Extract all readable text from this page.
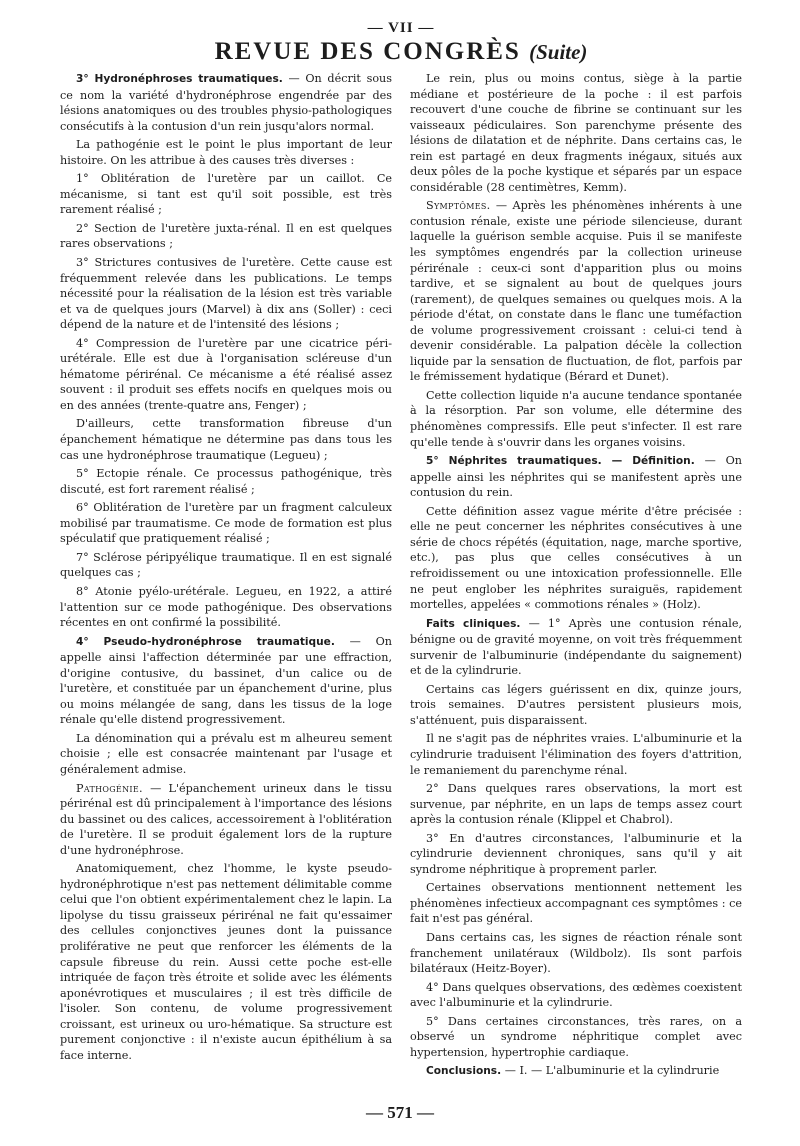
— VII —
REVUE DES CONGRÈS (Suite)

3° Hydronéphroses traumatiques. — On décrit sous ce nom la variété d'hydronéphrose engendrée par des lésions anatomiques ou des troubles physio-pathologiques consécutifs à la contusion d'un rein jusqu'alors normal.

La pathogénie est le point le plus important de leur histoire. On les attribue à des causes très diverses :

1° Oblitération de l'uretère par un caillot. Ce mécanisme, si tant est qu'il soit possible, est très rarement réalisé ;

2° Section de l'uretère juxta-rénal. Il en est quelques rares observations ;

3° Strictures contusives de l'uretère. Cette cause est fréquemment relevée dans les publications. Le temps nécessité pour la réalisation de la lésion est très variable et va de quelques jours (Marvel) à dix ans (Soller) : ceci dépend de la nature et de l'intensité des lésions ;

4° Compression de l'uretère par une cicatrice péri-urétérale. Elle est due à l'organisation scléreuse d'un hématome périrénal. Ce mécanisme a été réalisé assez souvent : il produit ses effets nocifs en quelques mois ou en des années (trente-quatre ans, Fenger) ;

D'ailleurs, cette transformation fibreuse d'un épanchement hématique ne détermine pas dans tous les cas une hydronéphrose traumatique (Legueu) ;

5° Ectopie rénale. Ce processus pathogénique, très discuté, est fort rarement réalisé ;

6° Oblitération de l'uretère par un fragment calculeux mobilisé par traumatisme. Ce mode de formation est plus spéculatif que pratiquement réalisé ;

7° Sclérose péripyélique traumatique. Il en est signalé quelques cas ;

8° Atonie pyélo-urétérale. Legueu, en 1922, a attiré l'attention sur ce mode pathogénique. Des observations récentes en ont confirmé la possibilité.

4° Pseudo-hydronéphrose traumatique. — On appelle ainsi l'affection déterminée par une effraction, d'origine contusive, du bassinet, d'un calice ou de l'uretère, et constituée par un épanchement d'urine, plus ou moins mélangée de sang, dans les tissus de la loge rénale qu'elle distend progressivement.

La dénomination qui a prévalu est m alheureu sement choisie ; elle est consacrée maintenant par l'usage et généralement admise.

Pathogénie. — L'épanchement urineux dans le tissu périrénal est dû principalement à l'importance des lésions du bassinet ou des calices, accessoirement à l'oblitération de l'uretère. Il se produit également lors de la rupture d'une hydronéphrose.

Anatomiquement, chez l'homme, le kyste pseudo-hydronéphrotique n'est pas nettement délimitable comme celui que l'on obtient expérimentalement chez le lapin. La lipolyse du tissu graisseux périrénal ne fait qu'essaimer des cellules conjonctives jeunes dont la puissance proliférative ne peut que renforcer les éléments de la capsule fibreuse du rein. Aussi cette poche est-elle intriquée de façon très étroite et solide avec les éléments aponévrotiques et musculaires ; il est très difficile de l'isoler. Son contenu, de volume progressivement croissant, est urineux ou uro-hématique. Sa structure est purement conjonctive : il n'existe aucun épithélium à sa face interne.

Le rein, plus ou moins contus, siège à la partie médiane et postérieure de la poche : il est parfois recouvert d'une couche de fibrine se continuant sur les vaisseaux pédiculaires. Son parenchyme présente des lésions de dilatation et de néphrite. Dans certains cas, le rein est partagé en deux fragments inégaux, situés aux deux pôles de la poche kystique et séparés par un espace considérable (28 centimètres, Kemm).

Symptômes. — Après les phénomènes inhérents à une contusion rénale, existe une période silencieuse, durant laquelle la guérison semble acquise. Puis il se manifeste les symptômes engendrés par la collection urineuse périrénale : ceux-ci sont d'apparition plus ou moins tardive, et se signalent au bout de quelques jours (rarement), de quelques semaines ou quelques mois. A la période d'état, on constate dans le flanc une tuméfaction de volume progressivement croissant : celui-ci tend à devenir considérable. La palpation décèle la collection liquide par la sensation de fluctuation, de flot, parfois par le frémissement hydatique (Bérard et Dunet).

Cette collection liquide n'a aucune tendance spontanée à la résorption. Par son volume, elle détermine des phénomènes compressifs. Elle peut s'infecter. Il est rare qu'elle tende à s'ouvrir dans les organes voisins.

5° Néphrites traumatiques. — Définition. — On appelle ainsi les néphrites qui se manifestent après une contusion du rein.

Cette définition assez vague mérite d'être précisée : elle ne peut concerner les néphrites consécutives à une série de chocs répétés (équitation, nage, marche sportive, etc.), pas plus que celles consécutives à un refroidissement ou une intoxication professionnelle. Elle ne peut englober les néphrites suraiguës, rapidement mortelles, appelées « commotions rénales » (Holz).

Faits cliniques. — 1° Après une contusion rénale, bénigne ou de gravité moyenne, on voit très fréquemment survenir de l'albuminurie (indépendante du saignement) et de la cylindrurie.

Certains cas légers guérissent en dix, quinze jours, trois semaines. D'autres persistent plusieurs mois, s'atténuent, puis disparaissent.

Il ne s'agit pas de néphrites vraies. L'albuminurie et la cylindrurie traduisent l'élimination des foyers d'attrition, le remaniement du parenchyme rénal.

2° Dans quelques rares observations, la mort est survenue, par néphrite, en un laps de temps assez court après la contusion rénale (Klippel et Chabrol).

3° En d'autres circonstances, l'albuminurie et la cylindrurie deviennent chroniques, sans qu'il y ait syndrome néphritique à proprement parler.

Certaines observations mentionnent nettement les phénomènes infectieux accompagnant ces symptômes : ce fait n'est pas général.

Dans certains cas, les signes de réaction rénale sont franchement unilatéraux (Wildbolz). Ils sont parfois bilatéraux (Heitz-Boyer).

4° Dans quelques observations, des œdèmes coexistent avec l'albuminurie et la cylindrurie.

5° Dans certaines circonstances, très rares, on a observé un syndrome néphritique complet avec hypertension, hypertrophie cardiaque.

Conclusions. — I. — L'albuminurie et la cylindrurie

— 571 —
